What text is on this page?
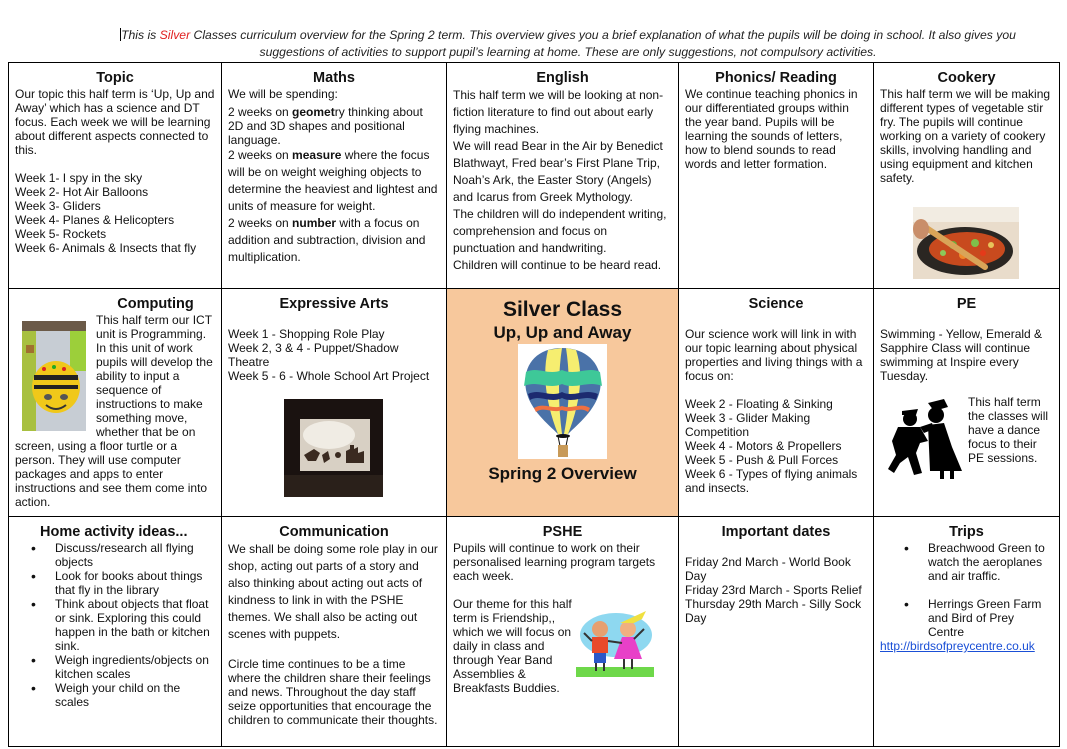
This is Silver Classes curriculum overview for the Spring 2 term. This overview gives you a brief explanation of what the pupils will be doing in school. It also gives you suggestions of activities to support pupil’s learning at home. These are only suggestions, not compulsory activities.
Topic

Our topic this half term is ‘Up, Up and Away’ which has a science and DT focus. Each week we will be learning about different aspects connected to this.

Week 1- I spy in the sky

Week 2- Hot Air Balloons

Week 3- Gliders

Week 4- Planes & Helicopters

Week 5- Rockets

Week 6- Animals & Insects that fly

Maths

We will be spending:

2 weeks on geometry thinking about 2D and 3D shapes and positional language.

2 weeks on measure where the focus will be on weight weighing objects to determine the heaviest and lightest and units of measure for weight.

2 weeks on number with a focus on addition and subtraction, division and multiplication.

English

This half term we will be looking at non-fiction literature to find out about early flying machines.

We will read Bear in the Air by Benedict Blathwayt, Fred bear’s First Plane Trip, Noah’s Ark, the Easter Story (Angels) and Icarus from Greek Mythology.

The children will do independent writing, comprehension and focus on punctuation and handwriting.

Children will continue to be heard read.

Phonics/ Reading

We continue teaching phonics in our differentiated groups within the year band. Pupils will be learning the sounds of letters, how to blend sounds to read words and letter formation.

Cookery

This half term we will be making different types of vegetable stir fry. The pupils will continue working on a variety of cookery skills, involving handling and using equipment and kitchen safety.

Computing

This half term our ICT unit is Programming. In this unit of work pupils will develop the ability to input a sequence of instructions to make something move, whether that be on screen, using a floor turtle or a person. They will use computer packages and apps to enter instructions and see them come into action.

Expressive Arts

Week 1 - Shopping Role Play

Week 2, 3 & 4 - Puppet/Shadow Theatre

Week 5 - 6 - Whole School Art Project

Silver Class
Up, Up and Away
Spring 2 Overview
Science

Our science work will link in with our topic learning about physical properties and living things with a focus on:

Week 2 - Floating & Sinking

Week 3 - Glider Making Competition

Week 4 - Motors & Propellers

Week 5 - Push & Pull Forces

Week 6 - Types of flying animals and insects.

PE

Swimming - Yellow, Emerald & Sapphire Class will continue swimming at Inspire every Tuesday.

This half term the classes will have a dance focus to their PE sessions.

Home activity ideas...
• Discuss/research all flying objects
• Look for books about things that fly in the library
• Think about objects that float or sink. Exploring this could happen in the bath or kitchen sink.
• Weigh ingredients/objects on kitchen scales
• Weigh your child on the scales
Communication

We shall be doing some role play in our shop, acting out parts of a story and also thinking about acting out acts of kindness to link in with the PSHE themes. We shall also be acting out scenes with puppets.

Circle time continues to be a time where the children share their feelings and news. Throughout the day staff seize opportunities that encourage the children to communicate their thoughts.

PSHE

Pupils will continue to work on their personalised learning program targets each week.

Our theme for this half term is Friendship,, which we will focus on daily in class and through Year Band Assemblies & Breakfasts Buddies.

Important dates

Friday 2nd March - World Book Day

Friday 23rd March - Sports Relief

Thursday 29th March - Silly Sock Day

Trips
• Breachwood Green to watch the aeroplanes and air traffic.

• Herrings Green Farm and Bird of Prey Centre
http://birdsofpreycentre.co.uk
